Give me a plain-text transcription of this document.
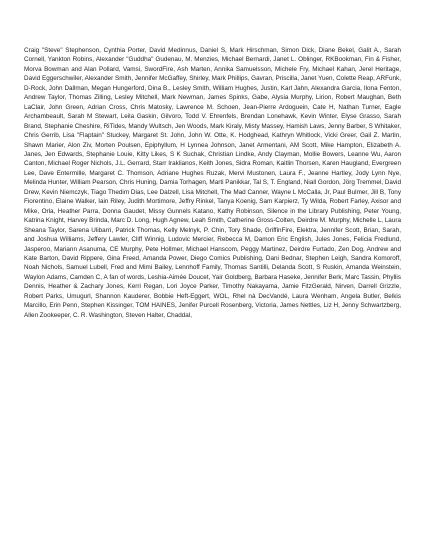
Craig "Steve" Stephenson, Cynthia Porter, David Medinnus, Daniel S, Mark Hirschman, Simon Dick, Diane Bekel, Galit A., Sarah Cornell, Yankton Robins, Alexander "Guddha" Gudenau, M. Menzies, Michael Bernardi, Janet L. Oblinger, RKBookman, Fin & Fisher, Morva Bowman and Alan Pollard, Vamsi, SwordFire, Ash Marten, Annika Samuelsson, Michele Fry, Michael Kahan, Jerel Heritage, David Eggerschwiler, Alexander Smith, Jennifer McGaffey, Shirley, Mark Phillips, Gavran, Priscilla, Janet Yuen, Colette Reap, ARFunk, D-Rock, John Dallman, Megan Hungerford, Dina B., Lesley Smith, William Hughes, Justin, Karl Jahn, Alexandra Garcia, Ilona Fenton, Andrew Taylor, Thomas Zilling, Lesley Mitchell, Mark Newman, James Spinks, Gabe, Alysia Murphy, Lirion, Robert Maughan, Beth LaClair, John Green, Adrian Cross, Chris Matosky, Lawrence M. Schoen, Jean-Pierre Ardoguein, Cate H, Nathan Turner, Eagle Archambeault, Sarah M Stewart, Leila Gaskin, Gilvoro, Todd V. Ehrenfels, Brendan Lonehawk, Kevin Winter, Elyse Grasso, Sarah Brand, Stephanie Cheshire, RiTides, Mandy Wultsch, Jen Woods, Mark Kiraly, Misty Massey, Hamish Laws, Jenny Barber, S Whitaker, Chris Gerrib, Lisa "Flaptain" Stuckey, Margaret St. John, John W. Otte, K. Hodghead, Kathryn Whitlock, Vicki Greer, Gail Z. Martin, Shawn Marier, Alon Ziv, Morten Poulsen, Epiphyllum, H Lynnea Johnson, Janet Armentani, AM Scott, Mike Hampton, Elizabeth A. Janes, Jen Edwards, Stephanie Louie, Kitty Likes, S K Suchak, Christian Lindke, Andy Clayman, Mollie Bowers, Leanne Wu, Aaron Canton, Michael Roger Nichols, J.L. Gerrard, Starr Iraklianos, Keith Jones, Sidra Roman, Kaitlin Thorsen, Karen Haugland, Evergreen Lee, Dave Entermille, Margaret C. Thomson, Adriane Hughes Ruzak, Mervi Mustonen, Laura F., Jeanne Hartley, Jody Lynn Nye, Melinda Hunter, William Pearson, Chris Huning, Damia Torhagen, Marti Panikkar, Tal S, T. England, Niall Gordon, Jörg Tremmel, David Drew, Kevin Niemczyk, Tiago Thedim Dias, Lee Dalzell, Lisa Mitchell, The Mad Canner, Wayne L McCalla, Jr, Paul Bulmer, Jill B, Tony Fiorentino, Elaine Walker, Iain Riley, Judith Mortimore, Jeffry Rinkel, Tanya Koenig, Sam Karpierz, Ty Wilda, Robert Farley, Axisor and Mike, Orla, Heather Parra, Donna Gaudet, Missy Gunnels Katano, Kathy Robinson, Silence in the Library Publishing, Peter Young, Katrina Knight, Harvey Brinda, Marc D. Long, Hugh Agnew, Leah Smith, Catherine Gross-Colten, Deirdre M. Murphy, Michelle L, Laura Sheana Taylor, Sarena Ulibarri, Patrick Thomas, Kelly Melnyk, P. Chin, Tory Shade, GriffinFire, Elektra, Jennifer Scott, Brian, Sarah, and Joshua Williams, Jeffery Lawler, Cliff Winnig, Ludovic Mercier, Rebecca M, Damon Eric English, Jules Jones, Felicia Fredlund, Jasperoo, Mariann Asanuma, CE Murphy, Pete Hollmer, Michael Hanscom, Peggy Martinez, Deirdre Furtado, Zen Dog, Andrew and Kate Barton, David Rippere, Gina Freed, Amanda Power, Diego Comics Publishing, Dani Bednar, Stephen Leigh, Sandra Komoroff, Noah Nichols, Samuel Lubell, Fred and Mimi Bailey, Lennhoff Family, Thomas Santilli, Delanda Scott, S Ruskin, Amanda Weinstein, Waylon Adams, Camden C, A fan of words, Leshia-Aimée Doucet, Yair Goldberg, Barbara Haseke, Jennifer Berk, Marc Tassin, Phyllis Dennis, Heather & Zachary Jones, Kerri Regan, Lori Joyce Parker, Timothy Nakayama, Jamie FitzGerald, Nirven, Darrell Grizzle, Robert Parks, Umugurl, Shannon Kauderer, Bobbie Heft-Eggert, WOL, Rhel nà DecVandé, Laura Wenham, Angela Butler, Belkis Marcillo, Erin Penn, Stephen Kissinger, TOM HAINES, Jenifer Purcell Rosenberg, Victoria, James Nettles, Liz H, Jenny Schwartzberg, Allen Zookeeper, C. R. Washington, Steven Halter, Chaddal,
